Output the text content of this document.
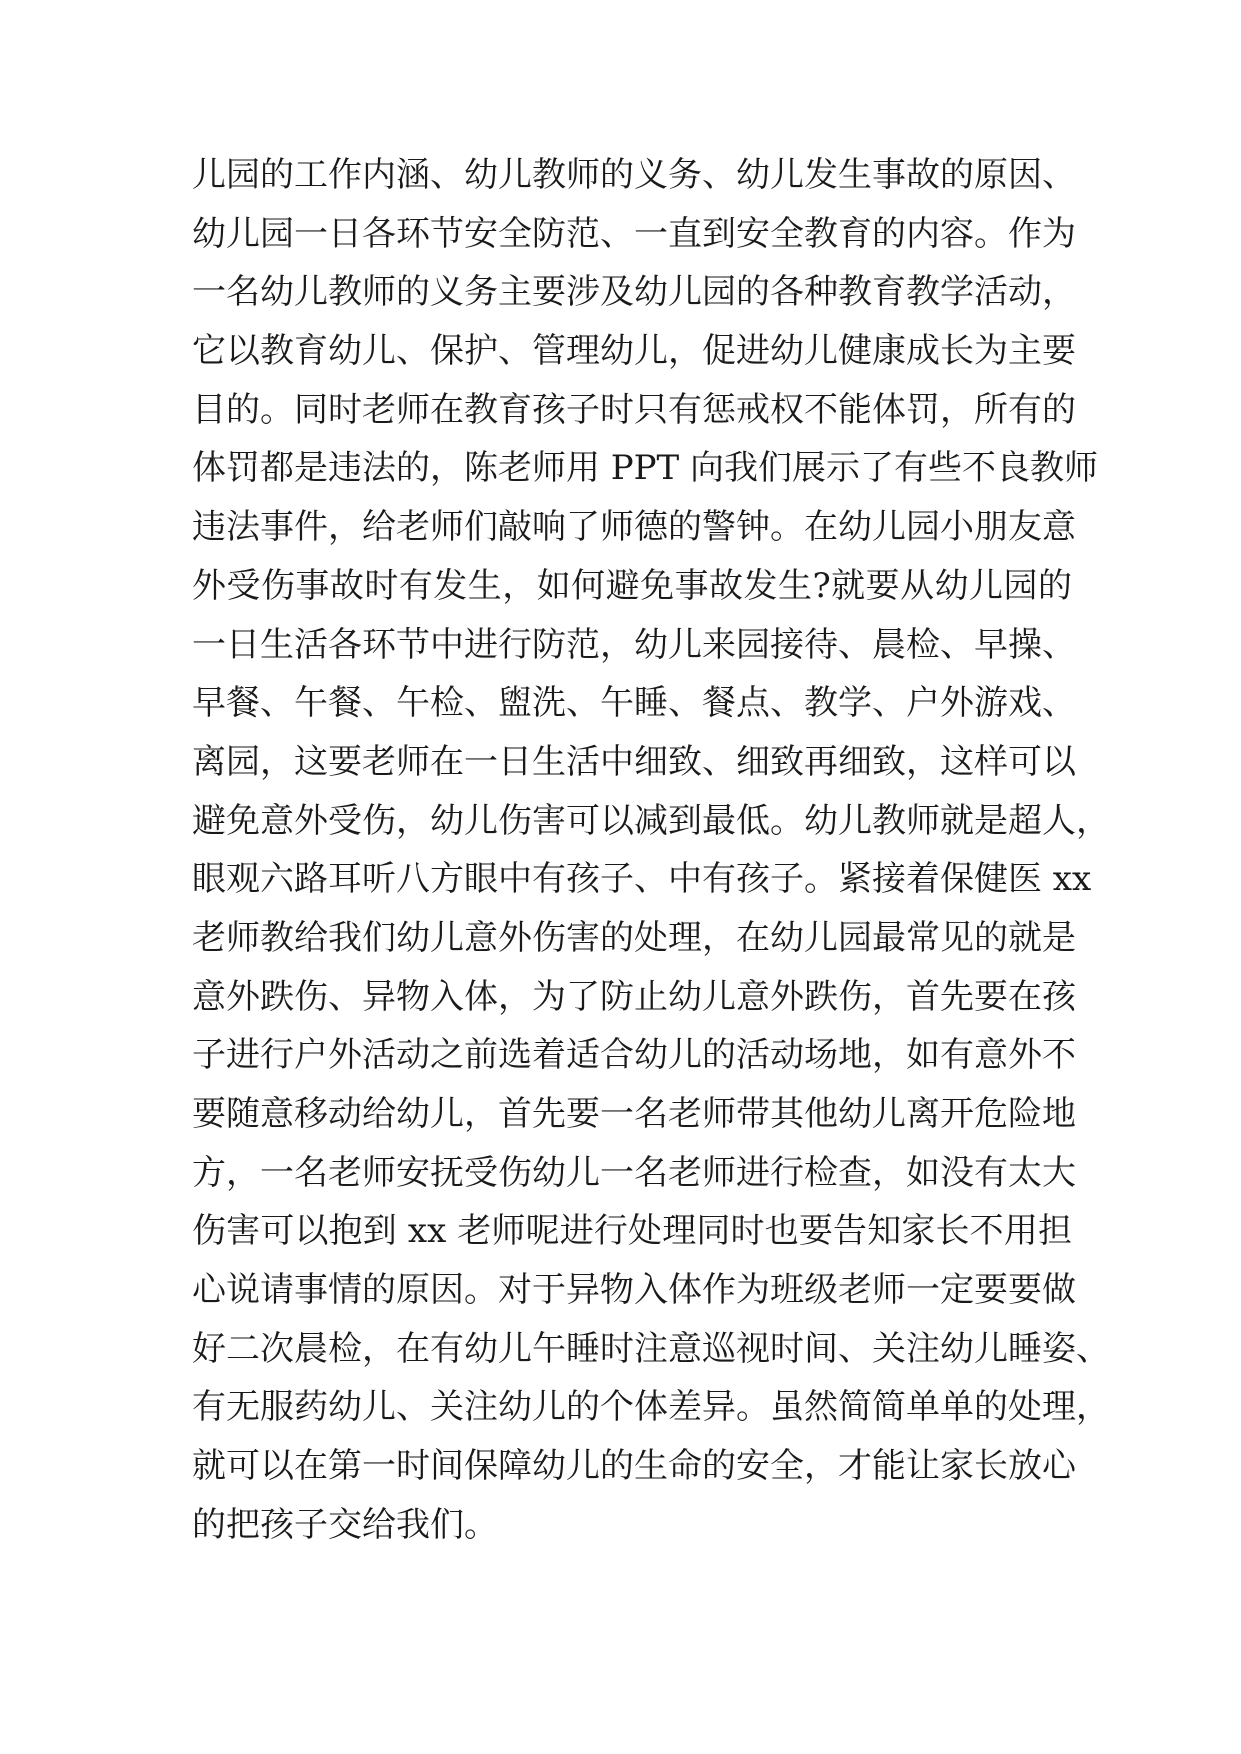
儿园的工作内涵、幼儿教师的义务、幼儿发生事故的原因、
幼儿园一日各环节安全防范、一直到安全教育的内容。作为
一名幼儿教师的义务主要涉及幼儿园的各种教育教学活动，
它以教育幼儿、保护、管理幼儿，促进幼儿健康成长为主要
目的。同时老师在教育孩子时只有惩戒权不能体罚，所有的
体罚都是违法的，陈老师用 PPT 向我们展示了有些不良教师
违法事件，给老师们敲响了师德的警钟。在幼儿园小朋友意
外受伤事故时有发生，如何避免事故发生?就要从幼儿园的
一日生活各环节中进行防范，幼儿来园接待、晨检、早操、
早餐、午餐、午检、盥洗、午睡、餐点、教学、户外游戏、
离园，这要老师在一日生活中细致、细致再细致，这样可以
避免意外受伤，幼儿伤害可以减到最低。幼儿教师就是超人，
眼观六路耳听八方眼中有孩子、中有孩子。紧接着保健医 xx
老师教给我们幼儿意外伤害的处理，在幼儿园最常见的就是
意外跌伤、异物入体，为了防止幼儿意外跌伤，首先要在孩
子进行户外活动之前选着适合幼儿的活动场地，如有意外不
要随意移动给幼儿，首先要一名老师带其他幼儿离开危险地
方，一名老师安抚受伤幼儿一名老师进行检查，如没有太大
伤害可以抱到 xx 老师呢进行处理同时也要告知家长不用担
心说请事情的原因。对于异物入体作为班级老师一定要要做
好二次晨检，在有幼儿午睡时注意巡视时间、关注幼儿睡姿、
有无服药幼儿、关注幼儿的个体差异。虽然简简单单的处理，
就可以在第一时间保障幼儿的生命的安全，才能让家长放心
的把孩子交给我们。
